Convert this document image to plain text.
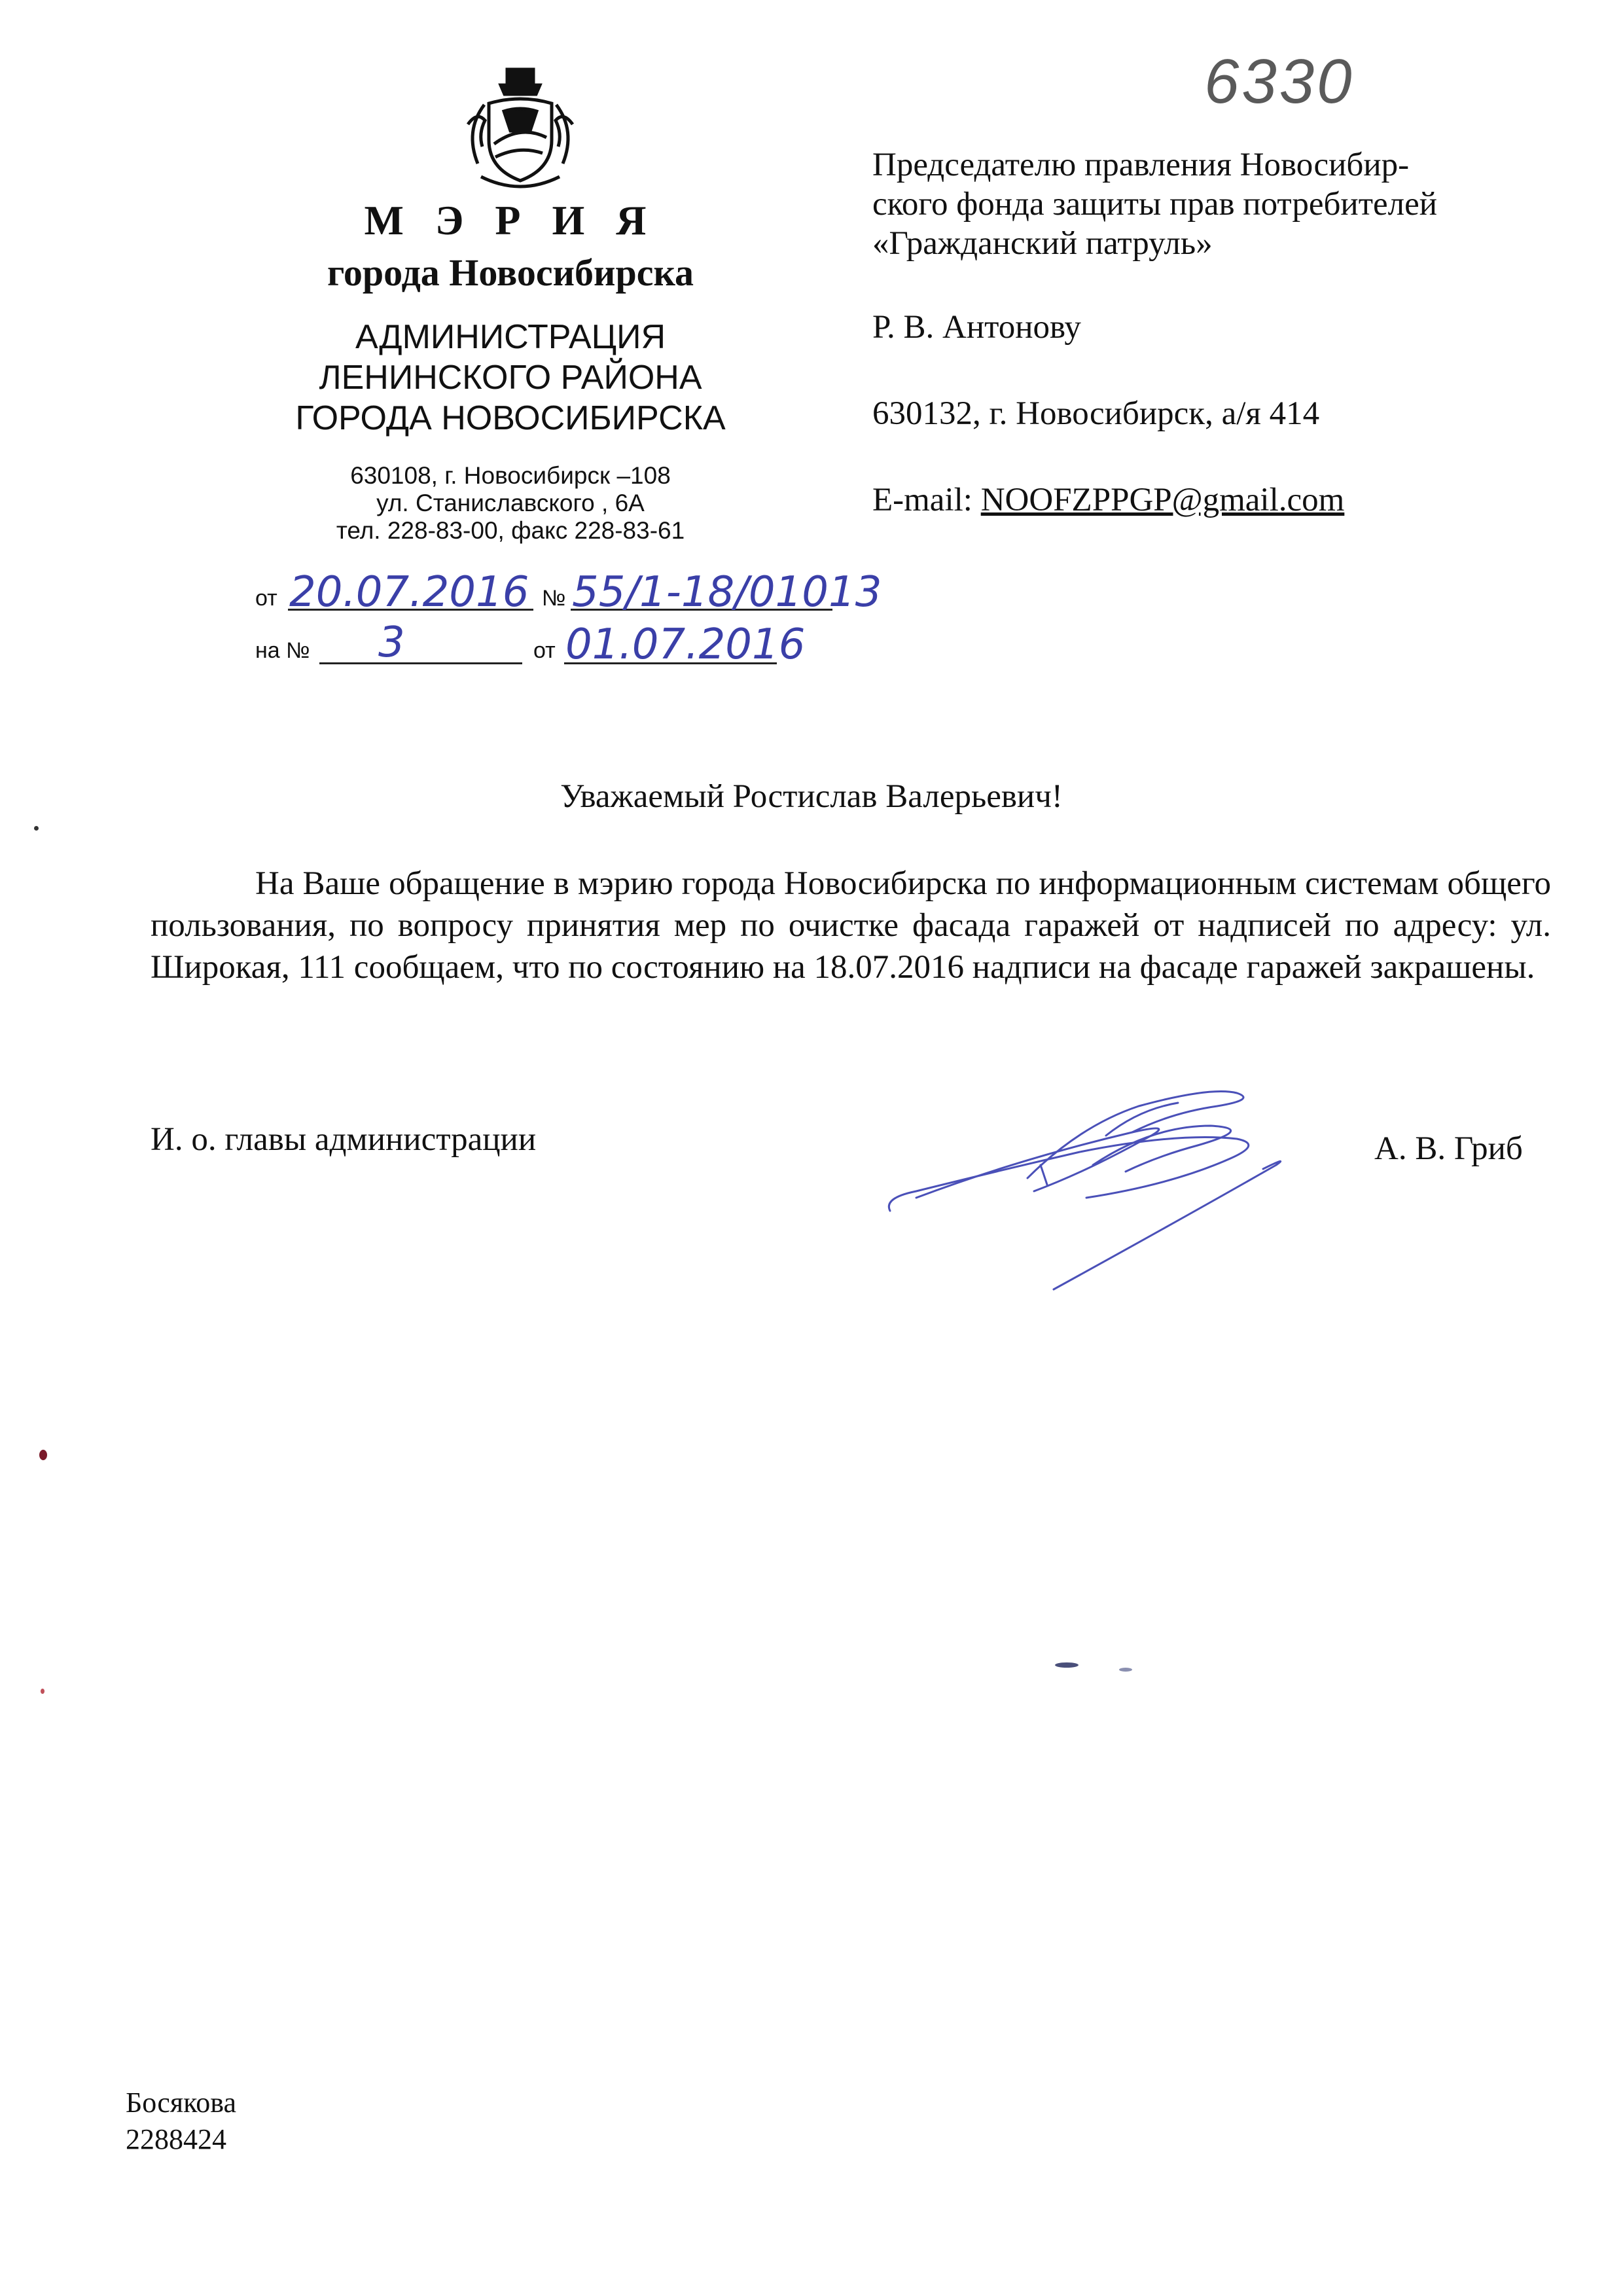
М Э Р И Я
города Новосибирска
АДМИНИСТРАЦИЯ
ЛЕНИНСКОГО РАЙОНА
ГОРОДА НОВОСИБИРСКА
630108, г. Новосибирск –108
ул. Станиславского , 6А
тел. 228-83-00, факс 228-83-61
от 20.07.2016 № 55/1-18/01013
на № 3	от 01.07.2016
6330
Председателю правления Новосибир-
ского фонда защиты прав потребителей
«Гражданский патруль»
Р. В. Антонову
630132, г. Новосибирск, а/я 414
E-mail: NOOFZPPGP@gmail.com
Уважаемый Ростислав Валерьевич!

На Ваше обращение в мэрию города Новосибирска по информационным системам общего пользования, по вопросу принятия мер по очистке фасада гаражей от надписей по адресу: ул. Широкая, 111 сообщаем, что по состоянию на 18.07.2016 надписи на фасаде гаражей закрашены.

И. о. главы администрации	А. В. Гриб
Босякова
2288424
